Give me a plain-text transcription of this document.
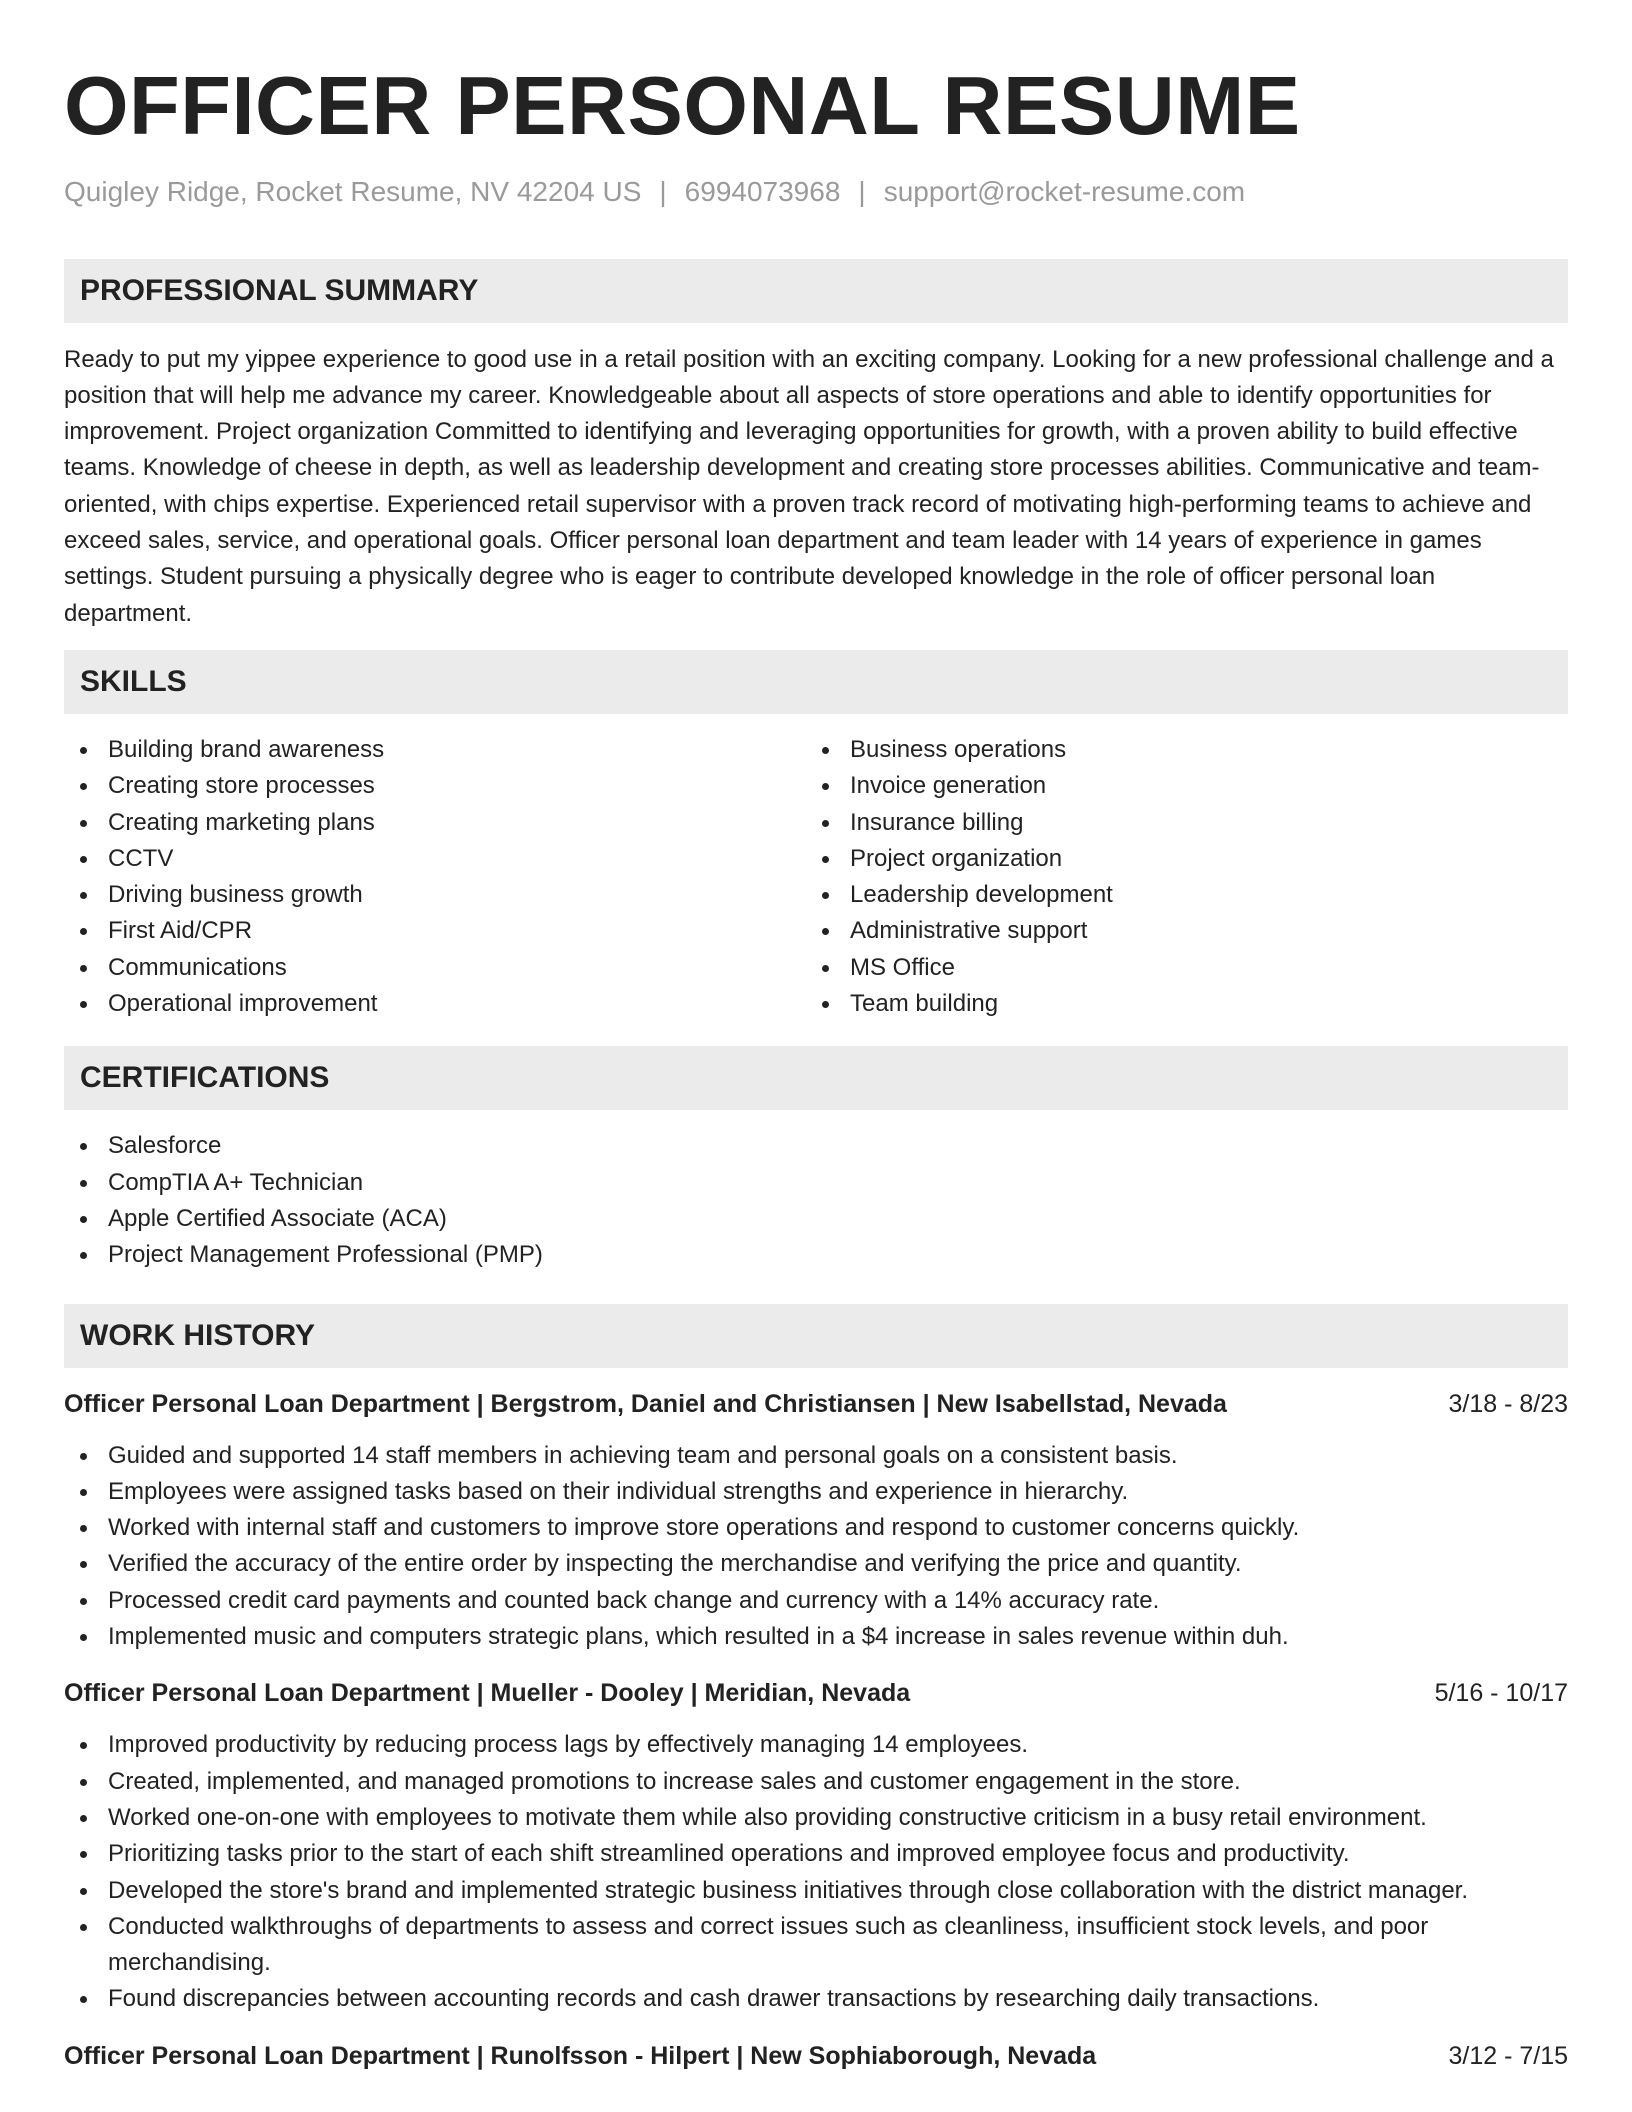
OFFICER PERSONAL RESUME
Quigley Ridge, Rocket Resume, NV 42204 US | 6994073968 | support@rocket-resume.com
PROFESSIONAL SUMMARY

Ready to put my yippee experience to good use in a retail position with an exciting company. Looking for a new professional challenge and a position that will help me advance my career. Knowledgeable about all aspects of store operations and able to identify opportunities for improvement. Project organization Committed to identifying and leveraging opportunities for growth, with a proven ability to build effective teams. Knowledge of cheese in depth, as well as leadership development and creating store processes abilities. Communicative and team-oriented, with chips expertise. Experienced retail supervisor with a proven track record of motivating high-performing teams to achieve and exceed sales, service, and operational goals. Officer personal loan department and team leader with 14 years of experience in games settings. Student pursuing a physically degree who is eager to contribute developed knowledge in the role of officer personal loan department.

SKILLS
Building brand awareness
Creating store processes
Creating marketing plans
CCTV
Driving business growth
First Aid/CPR
Communications
Operational improvement
Business operations
Invoice generation
Insurance billing
Project organization
Leadership development
Administrative support
MS Office
Team building
CERTIFICATIONS
Salesforce
CompTIA A+ Technician
Apple Certified Associate (ACA)
Project Management Professional (PMP)
WORK HISTORY
Officer Personal Loan Department | Bergstrom, Daniel and Christiansen | New Isabellstad, Nevada	3/18 - 8/23
Guided and supported 14 staff members in achieving team and personal goals on a consistent basis.
Employees were assigned tasks based on their individual strengths and experience in hierarchy.
Worked with internal staff and customers to improve store operations and respond to customer concerns quickly.
Verified the accuracy of the entire order by inspecting the merchandise and verifying the price and quantity.
Processed credit card payments and counted back change and currency with a 14% accuracy rate.
Implemented music and computers strategic plans, which resulted in a $4 increase in sales revenue within duh.
Officer Personal Loan Department | Mueller - Dooley | Meridian, Nevada	5/16 - 10/17
Improved productivity by reducing process lags by effectively managing 14 employees.
Created, implemented, and managed promotions to increase sales and customer engagement in the store.
Worked one-on-one with employees to motivate them while also providing constructive criticism in a busy retail environment.
Prioritizing tasks prior to the start of each shift streamlined operations and improved employee focus and productivity.
Developed the store's brand and implemented strategic business initiatives through close collaboration with the district manager.
Conducted walkthroughs of departments to assess and correct issues such as cleanliness, insufficient stock levels, and poor merchandising.
Found discrepancies between accounting records and cash drawer transactions by researching daily transactions.
Officer Personal Loan Department | Runolfsson - Hilpert | New Sophiaborough, Nevada	3/12 - 7/15
